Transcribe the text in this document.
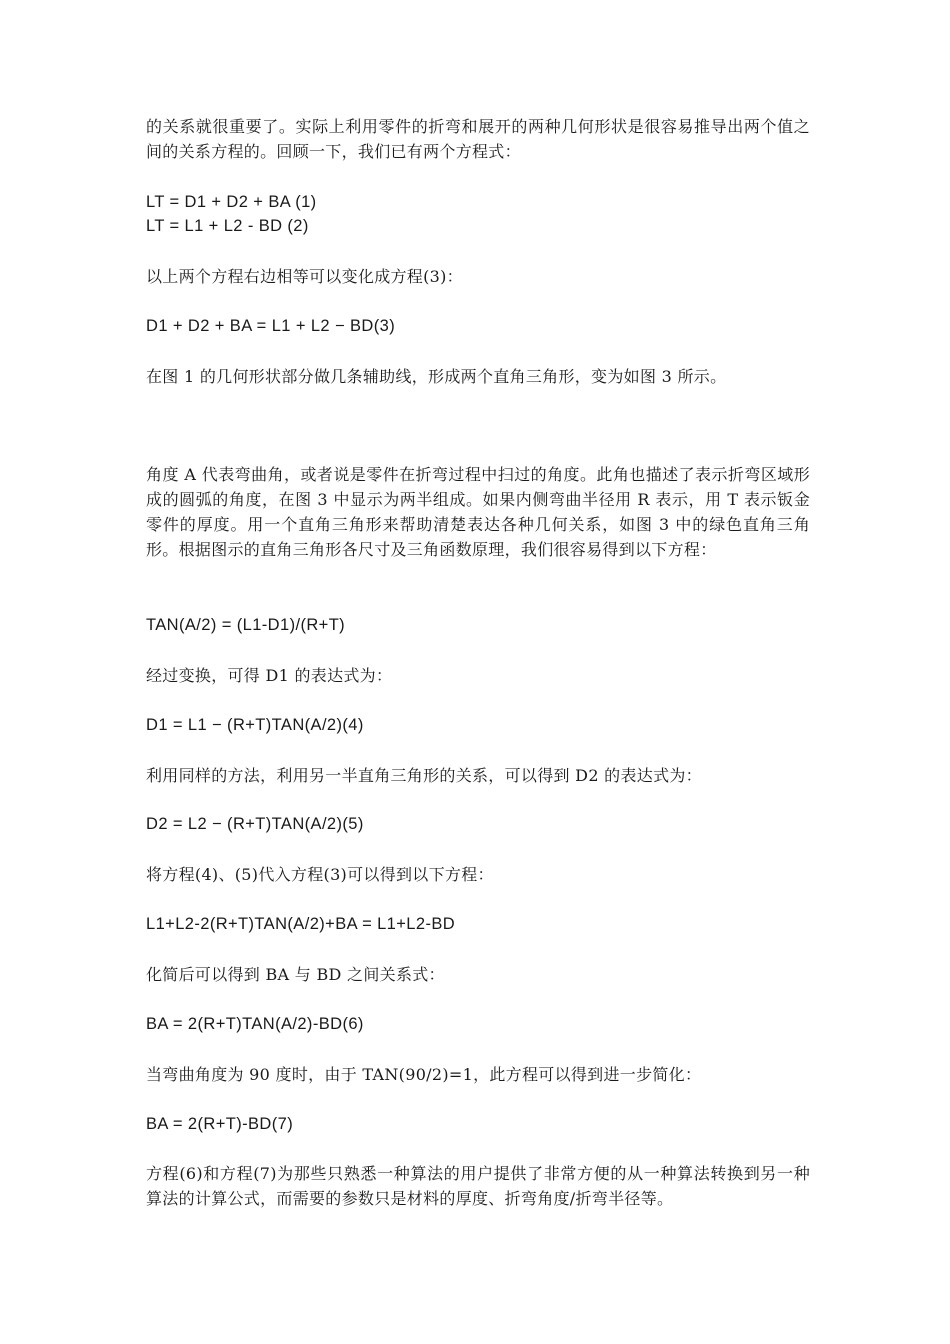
的关系就很重要了。实际上利用零件的折弯和展开的两种几何形状是很容易推导出两个值之间的关系方程的。回顾一下，我们已有两个方程式：

LT = D1 + D2 + BA (1)

LT = L1 + L2 - BD (2)

以上两个方程右边相等可以变化成方程(3)：

D1 + D2 + BA = L1 + L2 − BD(3)

在图 1 的几何形状部分做几条辅助线，形成两个直角三角形，变为如图 3 所示。

角度 A 代表弯曲角，或者说是零件在折弯过程中扫过的角度。此角也描述了表示折弯区域形成的圆弧的角度，在图 3 中显示为两半组成。如果内侧弯曲半径用 R 表示，用 T 表示钣金零件的厚度。用一个直角三角形来帮助清楚表达各种几何关系，如图 3 中的绿色直角三角形。根据图示的直角三角形各尺寸及三角函数原理，我们很容易得到以下方程：

TAN(A/2) = (L1-D1)/(R+T)

经过变换，可得 D1 的表达式为：

D1 = L1 − (R+T)TAN(A/2)(4)

利用同样的方法，利用另一半直角三角形的关系，可以得到 D2 的表达式为：

D2 = L2 − (R+T)TAN(A/2)(5)

将方程(4)、(5)代入方程(3)可以得到以下方程：

L1+L2-2(R+T)TAN(A/2)+BA = L1+L2-BD

化简后可以得到 BA 与 BD 之间关系式：

BA = 2(R+T)TAN(A/2)-BD(6)

当弯曲角度为 90 度时，由于 TAN(90/2)=1，此方程可以得到进一步简化：

BA = 2(R+T)-BD(7)

方程(6)和方程(7)为那些只熟悉一种算法的用户提供了非常方便的从一种算法转换到另一种算法的计算公式，而需要的参数只是材料的厚度、折弯角度/折弯半径等。
